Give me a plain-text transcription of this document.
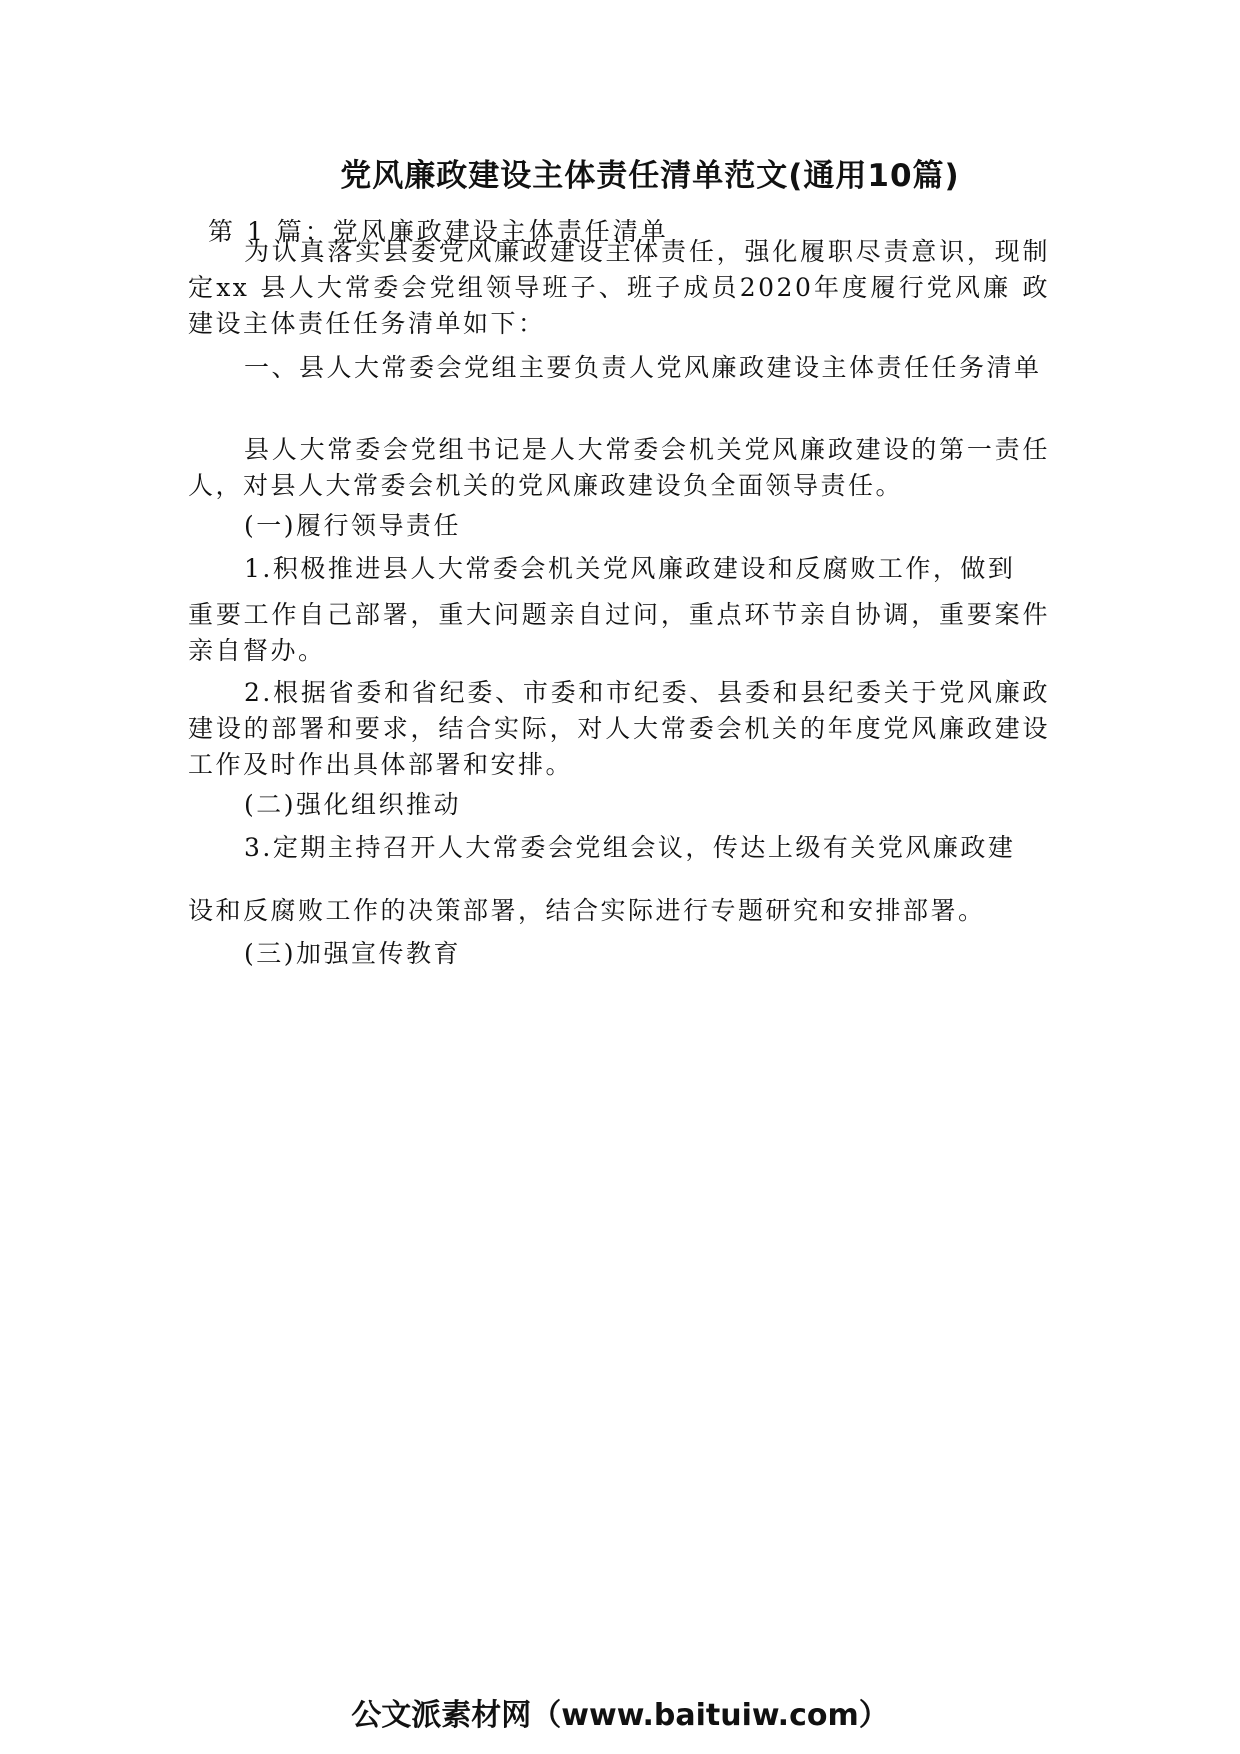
党风廉政建设主体责任清单范文(通用10篇)

第 1 篇：党风廉政建设主体责任清单

为认真落实县委党风廉政建设主体责任，强化履职尽责意识，现制定xx 县人大常委会党组领导班子、班子成员2020年度履行党风廉 政建设主体责任任务清单如下：

一、县人大常委会党组主要负责人党风廉政建设主体责任任务清单

县人大常委会党组书记是人大常委会机关党风廉政建设的第一责任人，对县人大常委会机关的党风廉政建设负全面领导责任。

(一)履行领导责任

1.积极推进县人大常委会机关党风廉政建设和反腐败工作，做到

重要工作自己部署，重大问题亲自过问，重点环节亲自协调，重要案件亲自督办。

2.根据省委和省纪委、市委和市纪委、县委和县纪委关于党风廉政建设的部署和要求，结合实际，对人大常委会机关的年度党风廉政建设工作及时作出具体部署和安排。

(二)强化组织推动

3.定期主持召开人大常委会党组会议，传达上级有关党风廉政建

设和反腐败工作的决策部署，结合实际进行专题研究和安排部署。

(三)加强宣传教育

公文派素材网（www.baituiw.com）
